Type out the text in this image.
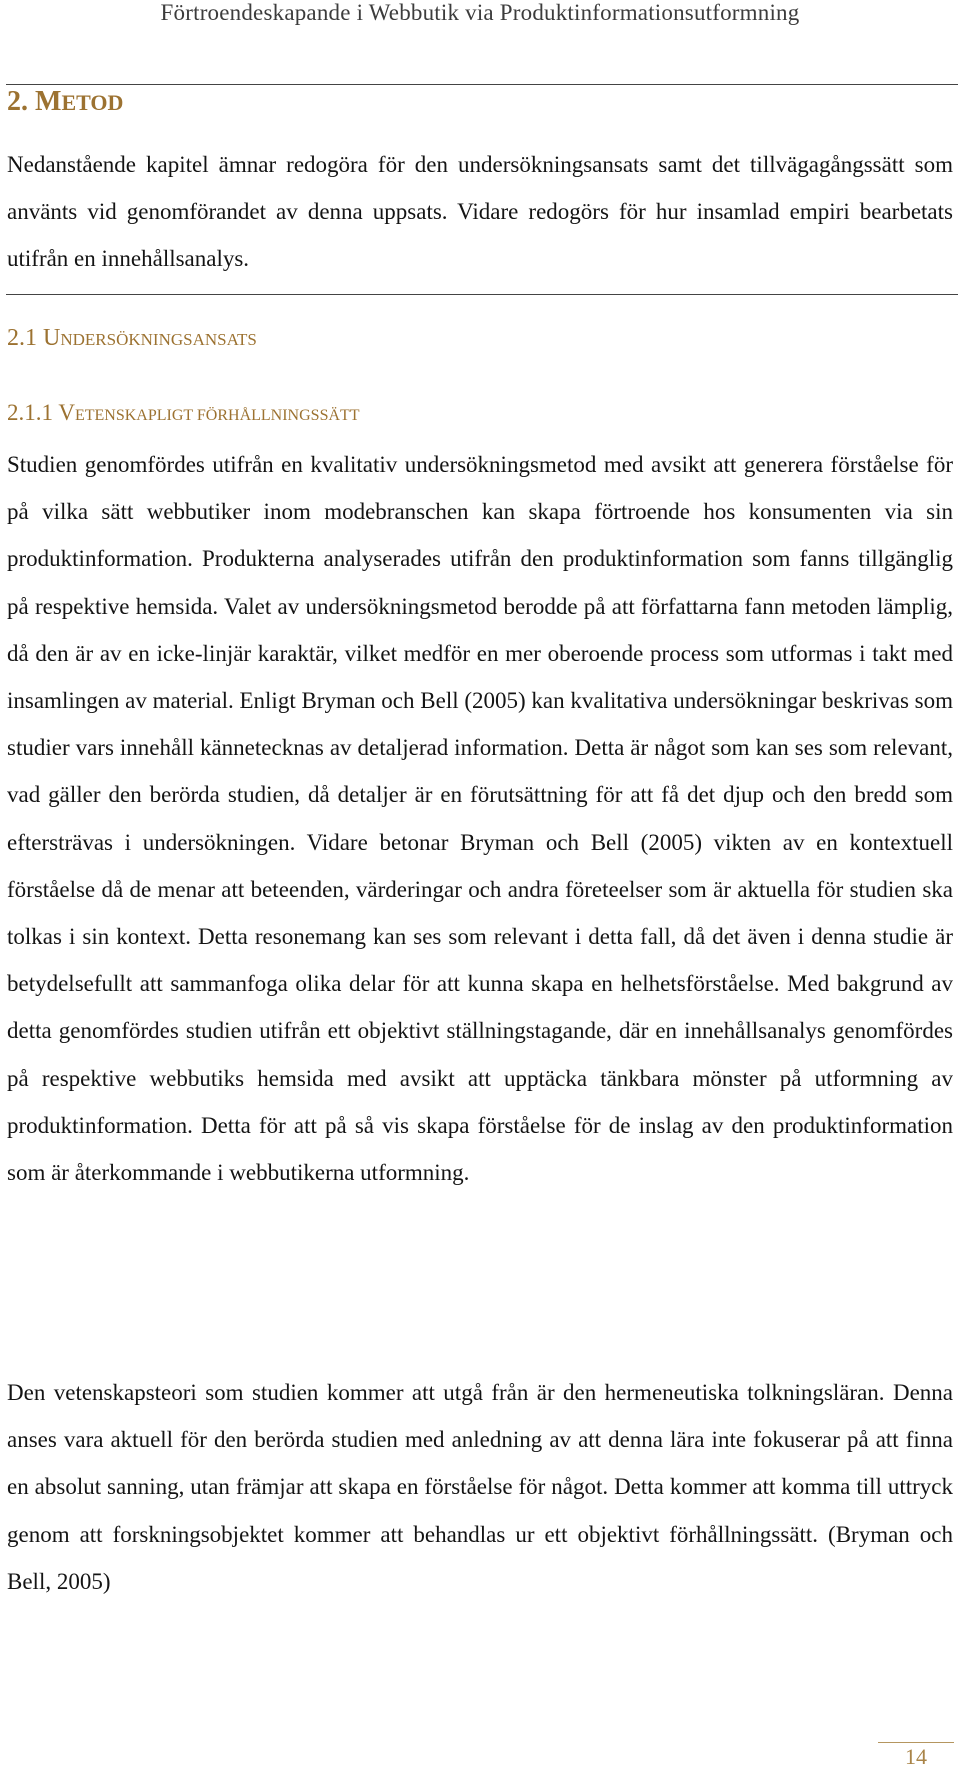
Förtroendeskapande i Webbutik via Produktinformationsutformning
2. METOD
Nedanstående kapitel ämnar redogöra för den undersökningsansats samt det tillvägagångssätt som använts vid genomförandet av denna uppsats. Vidare redogörs för hur insamlad empiri bearbetats utifrån en innehållsanalys.
2.1 UNDERSÖKNINGSANSATS
2.1.1 VETENSKAPLIGT FÖRHÅLLNINGSSÄTT
Studien genomfördes utifrån en kvalitativ undersökningsmetod med avsikt att generera förståelse för på vilka sätt webbutiker inom modebranschen kan skapa förtroende hos konsumenten via sin produktinformation. Produkterna analyserades utifrån den produktinformation som fanns tillgänglig på respektive hemsida. Valet av undersökningsmetod berodde på att författarna fann metoden lämplig, då den är av en icke-linjär karaktär, vilket medför en mer oberoende process som utformas i takt med insamlingen av material. Enligt Bryman och Bell (2005) kan kvalitativa undersökningar beskrivas som studier vars innehåll kännetecknas av detaljerad information. Detta är något som kan ses som relevant, vad gäller den berörda studien, då detaljer är en förutsättning för att få det djup och den bredd som eftersträvas i undersökningen. Vidare betonar Bryman och Bell (2005) vikten av en kontextuell förståelse då de menar att beteenden, värderingar och andra företeelser som är aktuella för studien ska tolkas i sin kontext. Detta resonemang kan ses som relevant i detta fall, då det även i denna studie är betydelsefullt att sammanfoga olika delar för att kunna skapa en helhetsförståelse. Med bakgrund av detta genomfördes studien utifrån ett objektivt ställningstagande, där en innehållsanalys genomfördes på respektive webbutiks hemsida med avsikt att upptäcka tänkbara mönster på utformning av produktinformation. Detta för att på så vis skapa förståelse för de inslag av den produktinformation som är återkommande i webbutikerna utformning.
Den vetenskapsteori som studien kommer att utgå från är den hermeneutiska tolkningsläran. Denna anses vara aktuell för den berörda studien med anledning av att denna lära inte fokuserar på att finna en absolut sanning, utan främjar att skapa en förståelse för något. Detta kommer att komma till uttryck genom att forskningsobjektet kommer att behandlas ur ett objektivt förhållningssätt. (Bryman och Bell, 2005)
14
